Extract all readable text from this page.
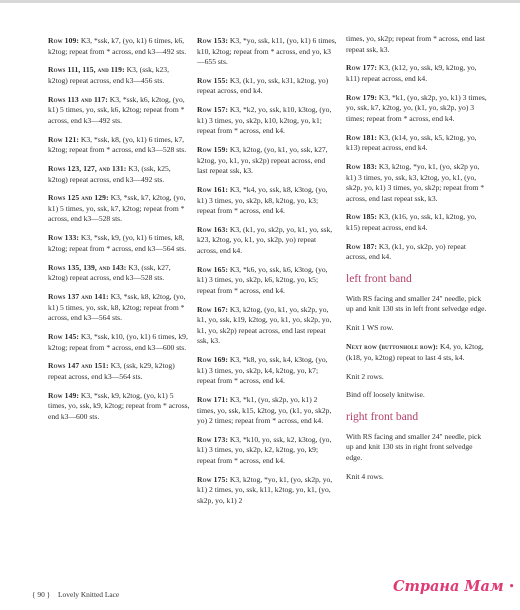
Row 109: K3, *ssk, k7, (yo, k1) 6 times, k6, k2tog; repeat from * across, end k3—492 sts.

Rows 111, 115, and 119: K3, (ssk, k23, k2tog) repeat across, end k3—456 sts.

Rows 113 and 117: K3, *ssk, k6, k2tog, (yo, k1) 5 times, yo, ssk, k6, k2tog; repeat from * across, end k3—492 sts.

Row 121: K3, *ssk, k8, (yo, k1) 6 times, k7, k2tog; repeat from * across, end k3—528 sts.

Rows 123, 127, and 131: K3, (ssk, k25, k2tog) repeat across, end k3—492 sts.

Rows 125 and 129: K3, *ssk, k7, k2tog, (yo, k1) 5 times, yo, ssk, k7, k2tog; repeat from * across, end k3—528 sts.

Row 133: K3, *ssk, k9, (yo, k1) 6 times, k8, k2tog; repeat from * across, end k3—564 sts.

Rows 135, 139, and 143: K3, (ssk, k27, k2tog) repeat across, end k3—528 sts.

Rows 137 and 141: K3, *ssk, k8, k2tog, (yo, k1) 5 times, yo, ssk, k8, k2tog; repeat from * across, end k3—564 sts.

Row 145: K3, *ssk, k10, (yo, k1) 6 times, k9, k2tog; repeat from * across, end k3—600 sts.

Rows 147 and 151: K3, (ssk, k29, k2tog) repeat across, end k3—564 sts.

Row 149: K3, *ssk, k9, k2tog, (yo, k1) 5 times, yo, ssk, k9, k2tog; repeat from * across, end k3—600 sts.

Row 153: K3, *yo, ssk, k11, (yo, k1) 6 times, k10, k2tog; repeat from * across, end yo, k3—655 sts.

Row 155: K3, (k1, yo, ssk, k31, k2tog, yo) repeat across, end k4.

Row 157: K3, *k2, yo, ssk, k10, k3tog, (yo, k1) 3 times, yo, sk2p, k10, k2tog, yo, k1; repeat from * across, end k4.

Row 159: K3, k2tog, (yo, k1, yo, ssk, k27, k2tog, yo, k1, yo, sk2p) repeat across, end last repeat ssk, k3.

Row 161: K3, *k4, yo, ssk, k8, k3tog, (yo, k1) 3 times, yo, sk2p, k8, k2tog, yo, k3; repeat from * across, end k4.

Row 163: K3, (k1, yo, sk2p, yo, k1, yo, ssk, k23, k2tog, yo, k1, yo, sk2p, yo) repeat across, end k4.

Row 165: K3, *k6, yo, ssk, k6, k3tog, (yo, k1) 3 times, yo, sk2p, k6, k2tog, yo, k5; repeat from * across, end k4.

Row 167: K3, k2tog, (yo, k1, yo, sk2p, yo, k1, yo, ssk, k19, k2tog, yo, k1, yo, sk2p, yo, k1, yo, sk2p) repeat across, end last repeat ssk, k3.

Row 169: K3, *k8, yo, ssk, k4, k3tog, (yo, k1) 3 times, yo, sk2p, k4, k2tog, yo, k7; repeat from * across, end k4.

Row 171: K3, *k1, (yo, sk2p, yo, k1) 2 times, yo, ssk, k15, k2tog, yo, (k1, yo, sk2p, yo) 2 times; repeat from * across, end k4.

Row 173: K3, *k10, yo, ssk, k2, k3tog, (yo, k1) 3 times, yo, sk2p, k2, k2tog, yo, k9; repeat from * across, end k4.

Row 175: K3, k2tog, *yo, k1, (yo, sk2p, yo, k1) 2 times, yo, ssk, k11, k2tog, yo, k1, (yo, sk2p, yo, k1) 2

times, yo, sk2p; repeat from * across, end last repeat ssk, k3.

Row 177: K3, (k12, yo, ssk, k9, k2tog, yo, k11) repeat across, end k4.

Row 179: K3, *k1, (yo, sk2p, yo, k1) 3 times, yo, ssk, k7, k2tog, yo, (k1, yo, sk2p, yo) 3 times; repeat from * across, end k4.

Row 181: K3, (k14, yo, ssk, k5, k2tog, yo, k13) repeat across, end k4.

Row 183: K3, k2tog, *yo, k1, (yo, sk2p yo, k1) 3 times, yo, ssk, k3, k2tog, yo, k1, (yo, sk2p, yo, k1) 3 times, yo, sk2p; repeat from * across, end last repeat ssk, k3.

Row 185: K3, (k16, yo, ssk, k1, k2tog, yo, k15) repeat across, end k4.

Row 187: K3, (k1, yo, sk2p, yo) repeat across, end k4.

left front band

With RS facing and smaller 24" needle, pick up and knit 130 sts in left front selvedge edge.

Knit 1 WS row.

Next row (buttonhole row): K4, yo, k2tog, (k18, yo, k2tog) repeat to last 4 sts, k4.

Knit 2 rows.

Bind off loosely knitwise.

right front band

With RS facing and smaller 24" needle, pick up and knit 130 sts in right front selvedge edge.

Knit 4 rows.

{ 90 } Lovely Knitted Lace	Страна Мам •
